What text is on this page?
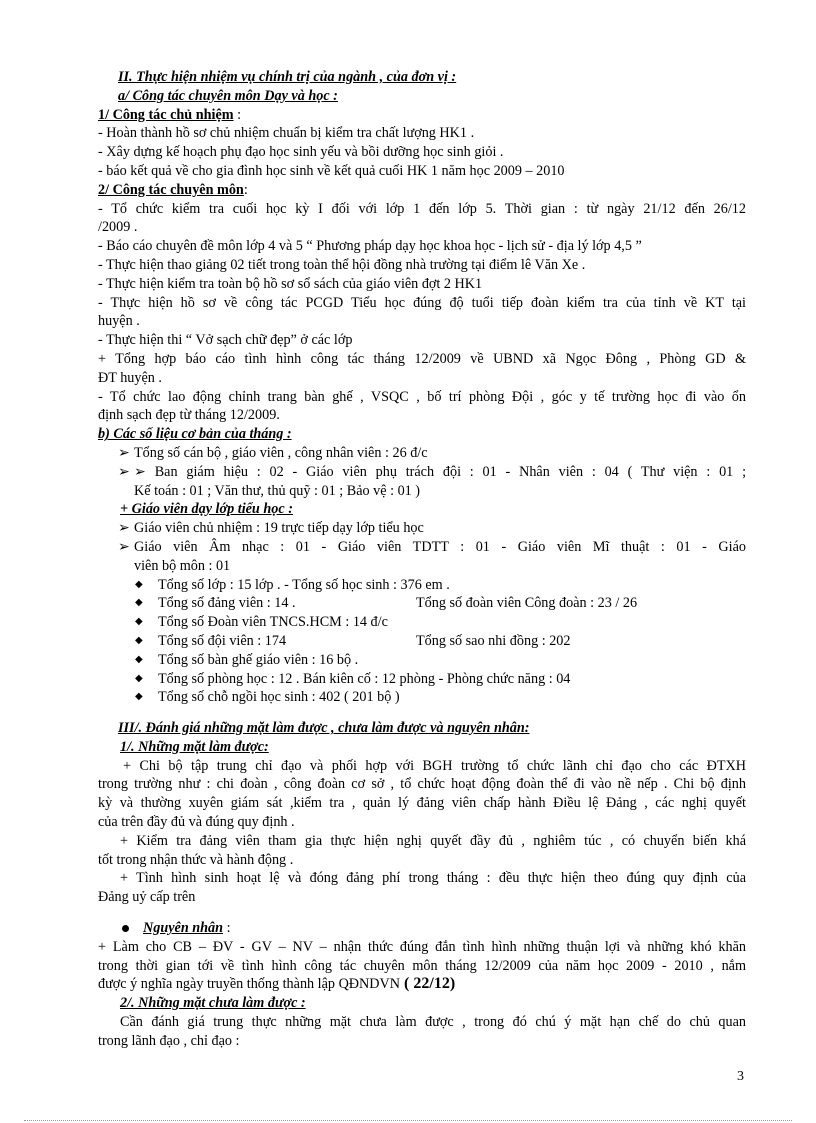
II. Thực hiện nhiệm vụ chính trị của ngành , của đơn vị :
a/ Công tác chuyên môn Dạy và học :
1/ Công tác chủ nhiệm :
- Hoàn thành hồ sơ chủ nhiệm chuẩn bị kiểm tra chất lượng HK1 .
- Xây dựng kế hoạch phụ đạo học sinh yếu và bồi dưỡng học sinh giỏi .
- báo kết quả về cho gia đình học sinh về kết quả cuối HK 1 năm học 2009 – 2010
2/ Công tác chuyên môn:
- Tổ chức kiểm tra cuối học kỳ I đối với lớp 1 đến lớp 5. Thời gian : từ ngày 21/12 đến 26/12
/2009 .
- Báo cáo chuyên đề môn lớp 4 và 5 “ Phương pháp dạy học khoa học - lịch sử - địa lý lớp 4,5 ”
- Thực hiện thao giảng 02 tiết trong toàn thể hội đồng nhà trường tại điểm lê Văn Xe .
- Thực hiện kiểm tra toàn bộ hồ sơ sổ sách của giáo viên đợt 2 HK1
- Thực hiện hồ sơ về công tác PCGD Tiểu học đúng độ tuổi tiếp đoàn kiểm tra của tỉnh về KT tại
huyện .
- Thực hiện thi “ Vở sạch chữ đẹp” ở các lớp
+ Tổng hợp báo cáo tình hình công tác tháng 12/2009 về UBND xã Ngọc Đông , Phòng GD &
ĐT huyện .
- Tổ chức lao động chỉnh trang bàn ghế , VSQC , bố trí phòng Đội , góc y tế trường học đi vào ổn
định sạch đẹp từ tháng 12/2009.
b) Các số liệu cơ bản của tháng :
➢ Tổng số cán bộ , giáo viên , công nhân viên : 26 đ/c
➢ ➢ Ban giám hiệu : 02 - Giáo viên phụ trách đội : 01 - Nhân viên : 04 ( Thư viện : 01 ;
Kế toán : 01 ; Văn thư, thủ quỹ : 01 ; Bảo vệ : 01 )
+ Giáo viên dạy lớp tiểu học :
➢ Giáo viên chủ nhiệm : 19 trực tiếp dạy lớp tiểu học
➢ Giáo viên Âm nhạc : 01 - Giáo viên TDTT : 01 - Giáo viên Mĩ thuật : 01 - Giáo
viên bộ môn : 01
◆	Tổng số lớp : 15 lớp . - Tổng số học sinh : 376 em .
◆	Tổng số đảng viên : 14 .	Tổng số đoàn viên Công đoàn : 23 / 26
◆	Tổng số Đoàn viên TNCS.HCM : 14 đ/c
◆	Tổng số đội viên : 174	Tổng số sao nhi đồng : 202
◆	Tổng số bàn ghế giáo viên : 16 bộ .
◆	Tổng số phòng học : 12 . Bán kiên cố : 12 phòng - Phòng chức năng : 04
◆	Tổng số chỗ ngồi học sinh : 402 ( 201 bộ )
III/. Đánh giá những mặt làm được , chưa làm được và nguyên nhân:
1/. Những mặt làm được:
+ Chi bộ tập trung chỉ đạo và phối hợp với BGH trường tổ chức lãnh chỉ đạo cho các ĐTXH
trong trường như : chi đoàn , công đoàn cơ sở , tổ chức hoạt động đoàn thể đi vào nề nếp . Chi bộ định
kỳ và thường xuyên giám sát ,kiểm tra , quản lý đảng viên chấp hành Điều lệ Đảng , các nghị quyết
của trên đầy đủ và đúng quy định .
+ Kiểm tra đảng viên tham gia thực hiện nghị quyết đầy đủ , nghiêm túc , có chuyển biến khá
tốt trong nhận thức và hành động .
+ Tình hình sinh hoạt lệ và đóng đảng phí trong tháng : đều thực hiện theo đúng quy định của
Đảng uỷ cấp trên
Nguyên nhân :
+ Làm cho CB – ĐV - GV – NV – nhận thức đúng đắn tình hình những thuận lợi và những khó khăn
trong thời gian tới về tình hình công tác chuyên môn tháng 12/2009 của năm học 2009 - 2010 , nắm
được ý nghĩa ngày truyền thống thành lập QĐNDVN ( 22/12)
2/. Những mặt chưa làm được :
Cần đánh giá trung thực những mặt chưa làm được , trong đó chú ý mặt hạn chế do chủ quan
trong lãnh đạo , chỉ đạo :
3
